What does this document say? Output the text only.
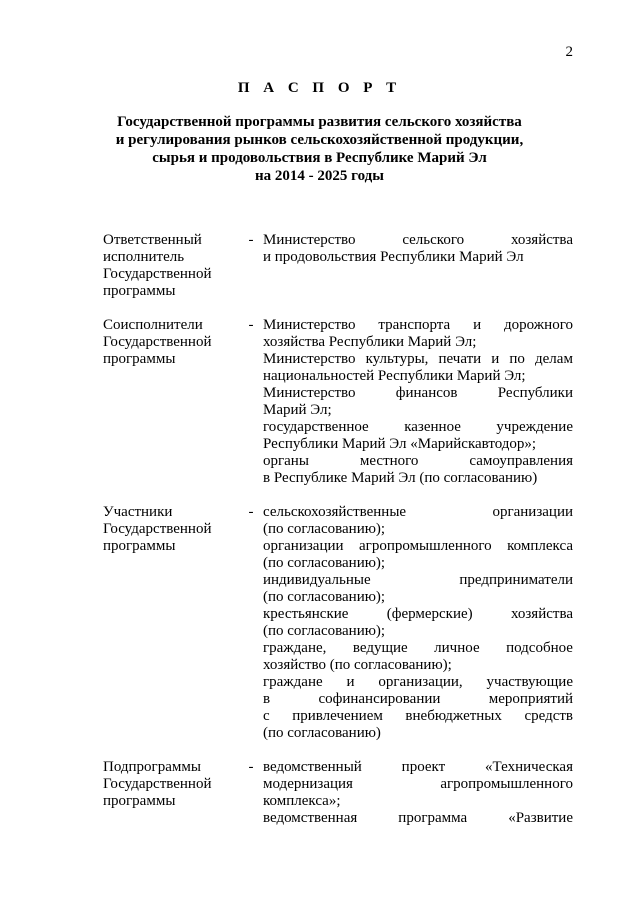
2
П А С П О Р Т
Государственной программы развития сельского хозяйства
и регулирования рынков сельскохозяйственной продукции,
сырья и продовольствия в Республике Марий Эл
на 2014 - 2025 годы
Ответственный
исполнитель
Государственной
программы
- Министерство	сельского	хозяйства
и продовольствия Республики Марий Эл
Соисполнители
Государственной
программы
- Министерство транспорта и дорожного
хозяйства Республики Марий Эл;
Министерство культуры, печати и по делам
национальностей Республики Марий Эл;
Министерство	финансов	Республики
Марий Эл;
государственное казенное учреждение
Республики Марий Эл «Марийскавтодор»;
органы	местного	самоуправления
в Республике Марий Эл (по согласованию)
Участники
Государственной
программы
- сельскохозяйственные	организации
(по согласованию);
организации агропромышленного комплекса
(по согласованию);
индивидуальные	предприниматели
(по согласованию);
крестьянские	(фермерские)	хозяйства
(по согласованию);
граждане, ведущие личное подсобное
хозяйство (по согласованию);
граждане и организации, участвующие
в	софинансировании	мероприятий
с привлечением внебюджетных средств
(по согласованию)
Подпрограммы
Государственной
программы
- ведомственный	проект	«Техническая
модернизация	агропромышленного
комплекса»;
ведомственная	программа	«Развитие
